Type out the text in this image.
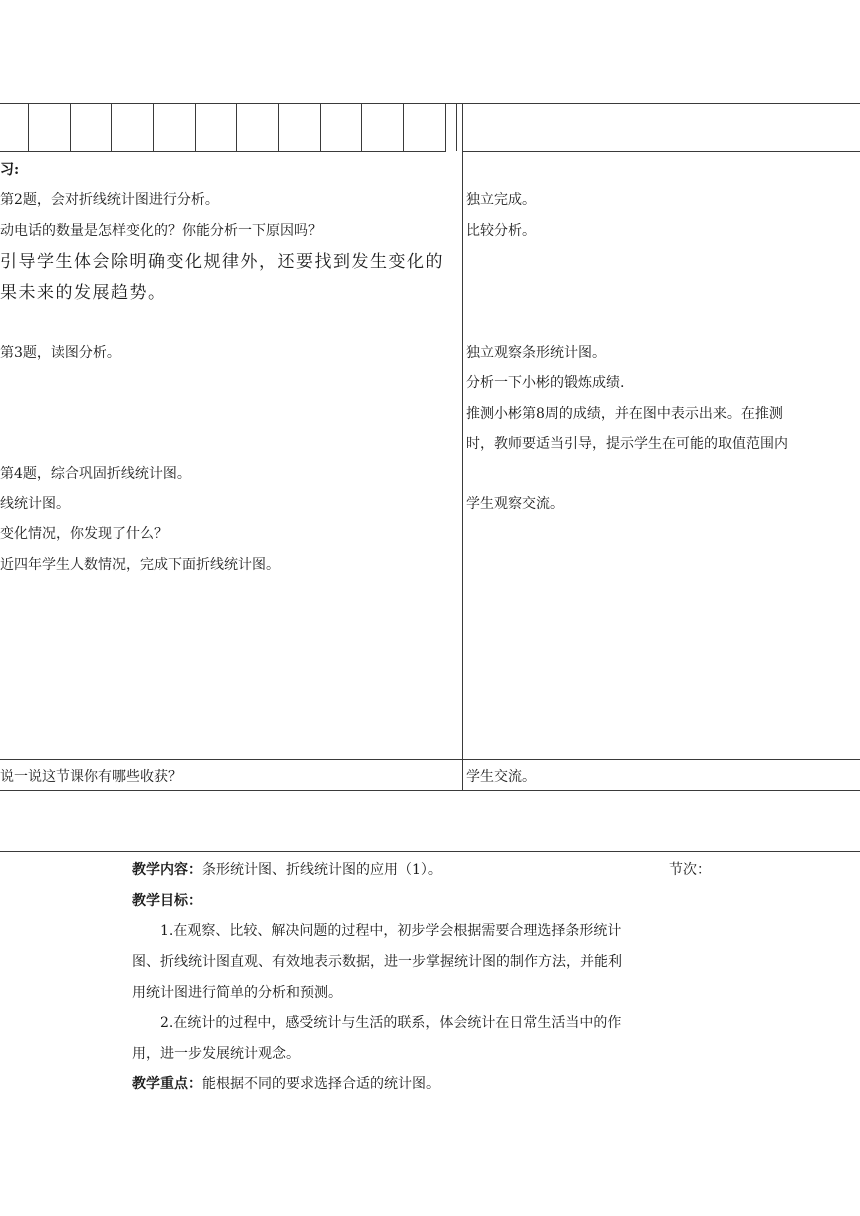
习:
第2题，会对折线统计图进行分析。
动电话的数量是怎样变化的？你能分析一下原因吗？
引导学生体会除明确变化规律外，还要找到发生变化的
果未来的发展趋势。
第3题，读图分析。
第4题，综合巩固折线统计图。
线统计图。
变化情况，你发现了什么？
近四年学生人数情况，完成下面折线统计图。
说一说这节课你有哪些收获？
独立完成。
比较分析。
独立观察条形统计图。
分析一下小彬的锻炼成绩.
推测小彬第8周的成绩，并在图中表示出来。在推测
时，教师要适当引导，提示学生在可能的取值范围内
学生观察交流。
学生交流。
教学内容：条形统计图、折线统计图的应用（1）。	节次：
教学目标：
1.在观察、比较、解决问题的过程中，初步学会根据需要合理选择条形统计
图、折线统计图直观、有效地表示数据，进一步掌握统计图的制作方法，并能利
用统计图进行简单的分析和预测。
2.在统计的过程中，感受统计与生活的联系，体会统计在日常生活当中的作
用，进一步发展统计观念。
教学重点：能根据不同的要求选择合适的统计图。
